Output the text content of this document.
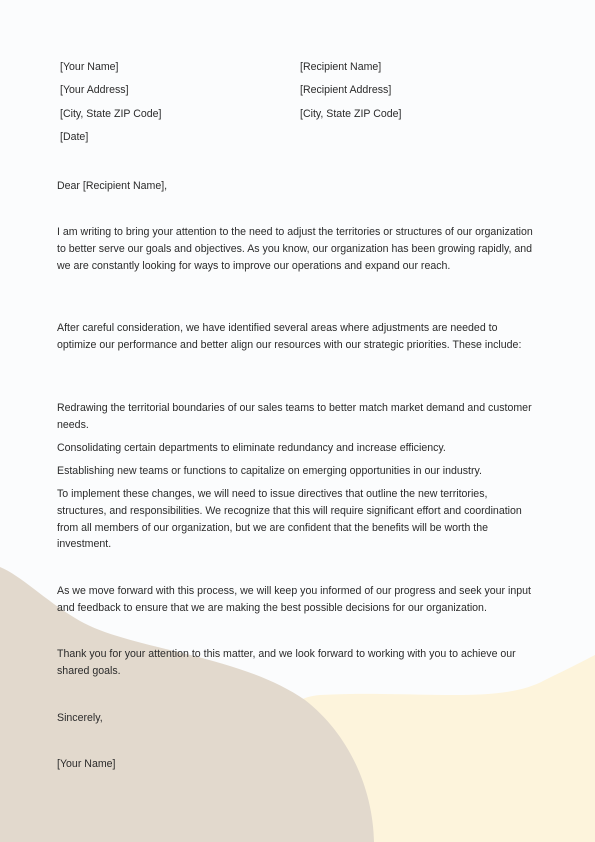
[Your Name]
[Your Address]
[City, State ZIP Code]
[Date]
[Recipient Name]
[Recipient Address]
[City, State ZIP Code]
Dear [Recipient Name],
I am writing to bring your attention to the need to adjust the territories or structures of our organization to better serve our goals and objectives. As you know, our organization has been growing rapidly, and we are constantly looking for ways to improve our operations and expand our reach.
After careful consideration, we have identified several areas where adjustments are needed to optimize our performance and better align our resources with our strategic priorities. These include:
Redrawing the territorial boundaries of our sales teams to better match market demand and customer needs.
Consolidating certain departments to eliminate redundancy and increase efficiency.
Establishing new teams or functions to capitalize on emerging opportunities in our industry.
To implement these changes, we will need to issue directives that outline the new territories, structures, and responsibilities. We recognize that this will require significant effort and coordination from all members of our organization, but we are confident that the benefits will be worth the investment.
As we move forward with this process, we will keep you informed of our progress and seek your input and feedback to ensure that we are making the best possible decisions for our organization.
Thank you for your attention to this matter, and we look forward to working with you to achieve our shared goals.
Sincerely,
[Your Name]
